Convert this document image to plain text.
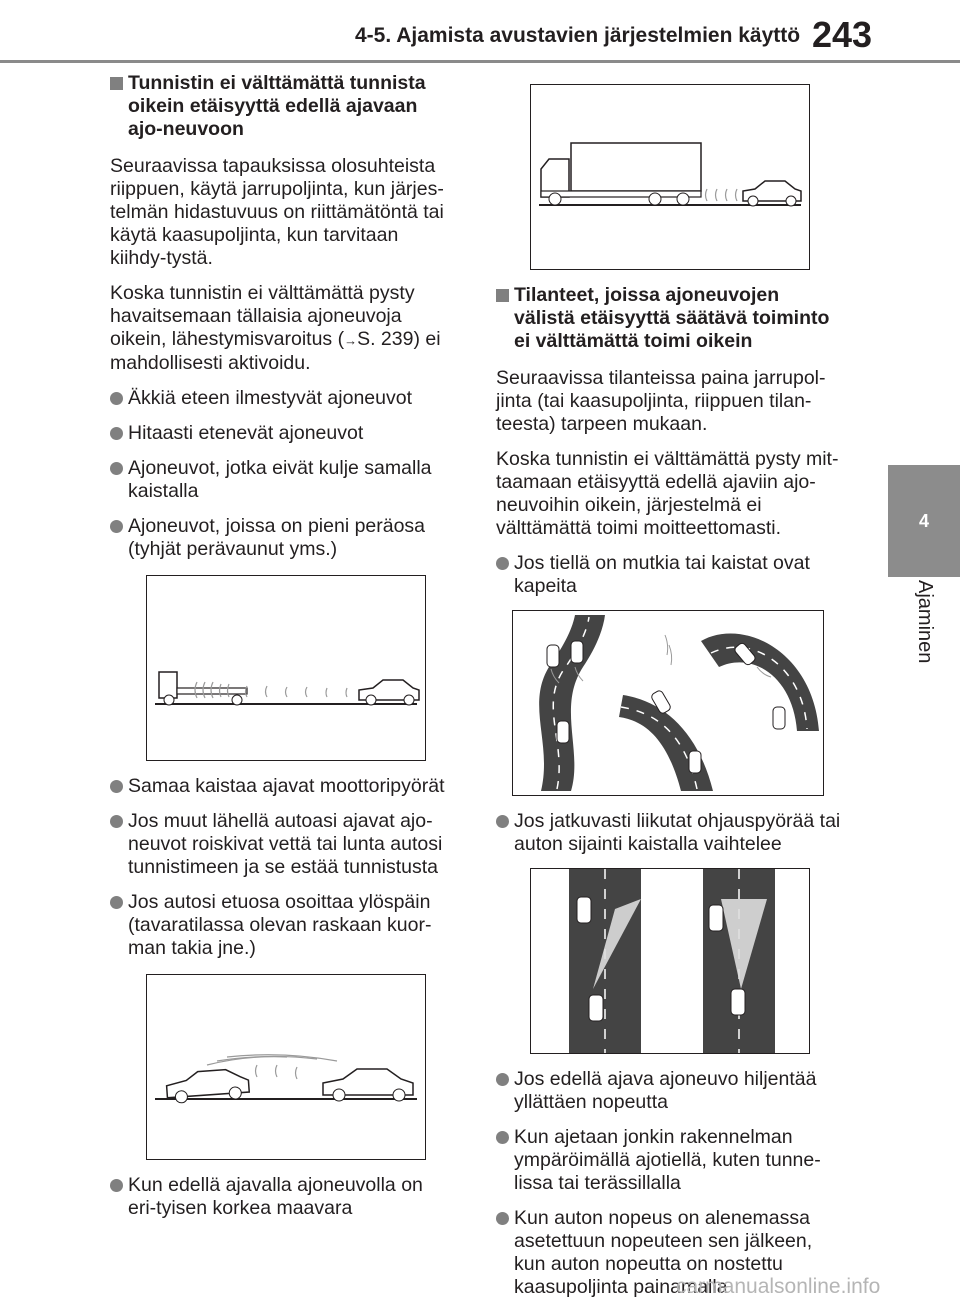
4-5. Ajamista avustavien järjestelmien käyttö 243
4
Ajaminen
Tunnistin ei välttämättä tunnista oikein etäisyyttä edellä ajavaan ajo-neuvoon
Seuraavissa tapauksissa olosuhteista riippuen, käytä jarrupoljinta, kun järjes-telmän hidastuvuus on riittämätöntä tai käytä kaasupoljinta, kun tarvitaan kiihdy-tystä.
Koska tunnistin ei välttämättä pysty havaitsemaan tällaisia ajoneuvoja oikein, lähestymisvaroitus (→S. 239) ei mahdollisesti aktivoidu.
Äkkiä eteen ilmestyvät ajoneuvot
Hitaasti etenevät ajoneuvot
Ajoneuvot, jotka eivät kulje samalla kaistalla
Ajoneuvot, joissa on pieni peräosa (tyhjät perävaunut yms.)
Samaa kaistaa ajavat moottoripyörät
Jos muut lähellä autoasi ajavat ajo-neuvot roiskivat vettä tai lunta autosi tunnistimeen ja se estää tunnistusta
Jos autosi etuosa osoittaa ylöspäin (tavaratilassa olevan raskaan kuor-man takia jne.)
Kun edellä ajavalla ajoneuvolla on eri-tyisen korkea maavara
Tilanteet, joissa ajoneuvojen välistä etäisyyttä säätävä toiminto ei välttämättä toimi oikein
Seuraavissa tilanteissa paina jarrupol-jinta (tai kaasupoljinta, riippuen tilan-teesta) tarpeen mukaan.
Koska tunnistin ei välttämättä pysty mit-taamaan etäisyyttä edellä ajaviin ajo-neuvoihin oikein, järjestelmä ei välttämättä toimi moitteettomasti.
Jos tiellä on mutkia tai kaistat ovat kapeita
Jos jatkuvasti liikutat ohjauspyörää tai auton sijainti kaistalla vaihtelee
Jos edellä ajava ajoneuvo hiljentää yllättäen nopeutta
Kun ajetaan jonkin rakennelman ympäröimällä ajotiellä, kuten tunne-lissa tai terässillalla
Kun auton nopeus on alenemassa asetettuun nopeuteen sen jälkeen, kun auton nopeutta on nostettu kaasupoljinta painamalla
carmanualsonline.info
